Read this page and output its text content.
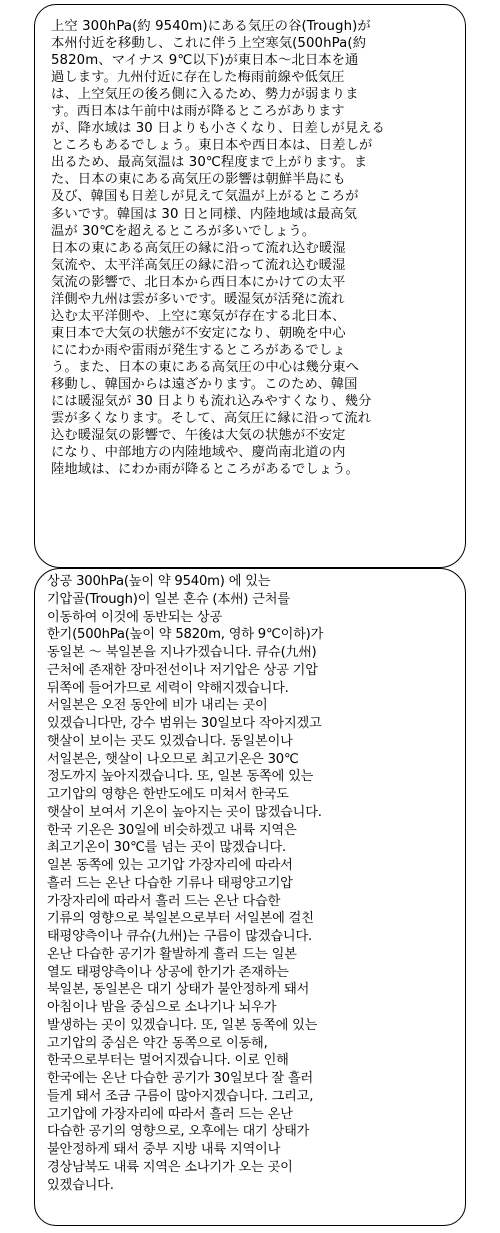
上空 300hPa(約 9540m)にある気圧の谷(Trough)が
本州付近を移動し、これに伴う上空寒気(500hPa(約
5820m、マイナス 9℃以下)が東日本～北日本を通
過します。九州付近に存在した梅雨前線や低気圧
は、上空気圧の後ろ側に入るため、勢力が弱まりま
す。西日本は午前中は雨が降るところがあります
が、降水域は 30 日よりも小さくなり、日差しが見える
ところもあるでしょう。東日本や西日本は、日差しが
出るため、最高気温は 30℃程度まで上がります。ま
た、日本の東にある高気圧の影響は朝鮮半島にも
及び、韓国も日差しが見えて気温が上がるところが
多いです。韓国は 30 日と同様、内陸地域は最高気
温が 30℃を超えるところが多いでしょう。
日本の東にある高気圧の縁に沿って流れ込む暖湿
気流や、太平洋高気圧の縁に沿って流れ込む暖湿
気流の影響で、北日本から西日本にかけての太平
洋側や九州は雲が多いです。暖湿気が活発に流れ
込む太平洋側や、上空に寒気が存在する北日本、
東日本で大気の状態が不安定になり、朝晩を中心
ににわか雨や雷雨が発生するところがあるでしょ
う。また、日本の東にある高気圧の中心は幾分東へ
移動し、韓国からは遠ざかります。このため、韓国
には暖湿気が 30 日よりも流れ込みやすくなり、幾分
雲が多くなります。そして、高気圧に縁に沿って流れ
込む暖湿気の影響で、午後は大気の状態が不安定
になり、中部地方の内陸地域や、慶尚南北道の内
陸地域は、にわか雨が降るところがあるでしょう。

상공 300hPa(높이 약 9540m) 에 있는
기압골(Trough)이 일본 혼슈 (本州) 근처를
이동하여 이것에 동반되는 상공
한기(500hPa(높이 약 5820m, 영하 9℃이하)가
동일본 ～ 북일본을 지나가겠습니다. 큐슈(九州)
근처에 존재한 장마전선이나 저기압은 상공 기압
뒤쪽에 들어가므로 세력이 약해지겠습니다.
서일본은 오전 동안에 비가 내리는 곳이
있겠습니다만, 강수 범위는 30일보다 작아지겠고
햇살이 보이는 곳도 있겠습니다. 동일본이나
서일본은, 햇살이 나오므로 최고기온은 30℃
정도까지 높아지겠습니다. 또, 일본 동쪽에 있는
고기압의 영향은 한반도에도 미쳐서 한국도
햇살이 보여서 기온이 높아지는 곳이 많겠습니다.
한국 기온은 30일에 비슷하겠고 내륙 지역은
최고기온이 30℃를 넘는 곳이 많겠습니다.
일본 동쪽에 있는 고기압 가장자리에 따라서
흘러 드는 온난 다습한 기류나 태평양고기압
가장자리에 따라서 흘러 드는 온난 다습한
기류의 영향으로 북일본으로부터 서일본에 걸친
태평양측이나 큐슈(九州)는 구름이 많겠습니다.
온난 다습한 공기가 활발하게 흘러 드는 일본
열도 태평양측이나 상공에 한기가 존재하는
북일본, 동일본은 대기 상태가 불안정하게 돼서
아침이나 밤을 중심으로 소나기나 뇌우가
발생하는 곳이 있겠습니다. 또, 일본 동쪽에 있는
고기압의 중심은 약간 동쪽으로 이동해,
한국으로부터는 멀어지겠습니다. 이로 인해
한국에는 온난 다습한 공기가 30일보다 잘 흘러
들게 돼서 조금 구름이 많아지겠습니다. 그리고,
고기압에 가장자리에 따라서 흘러 드는 온난
다습한 공기의 영향으로, 오후에는 대기 상태가
불안정하게 돼서 중부 지방 내륙 지역이나
경상남북도 내륙 지역은 소나기가 오는 곳이
있겠습니다.
